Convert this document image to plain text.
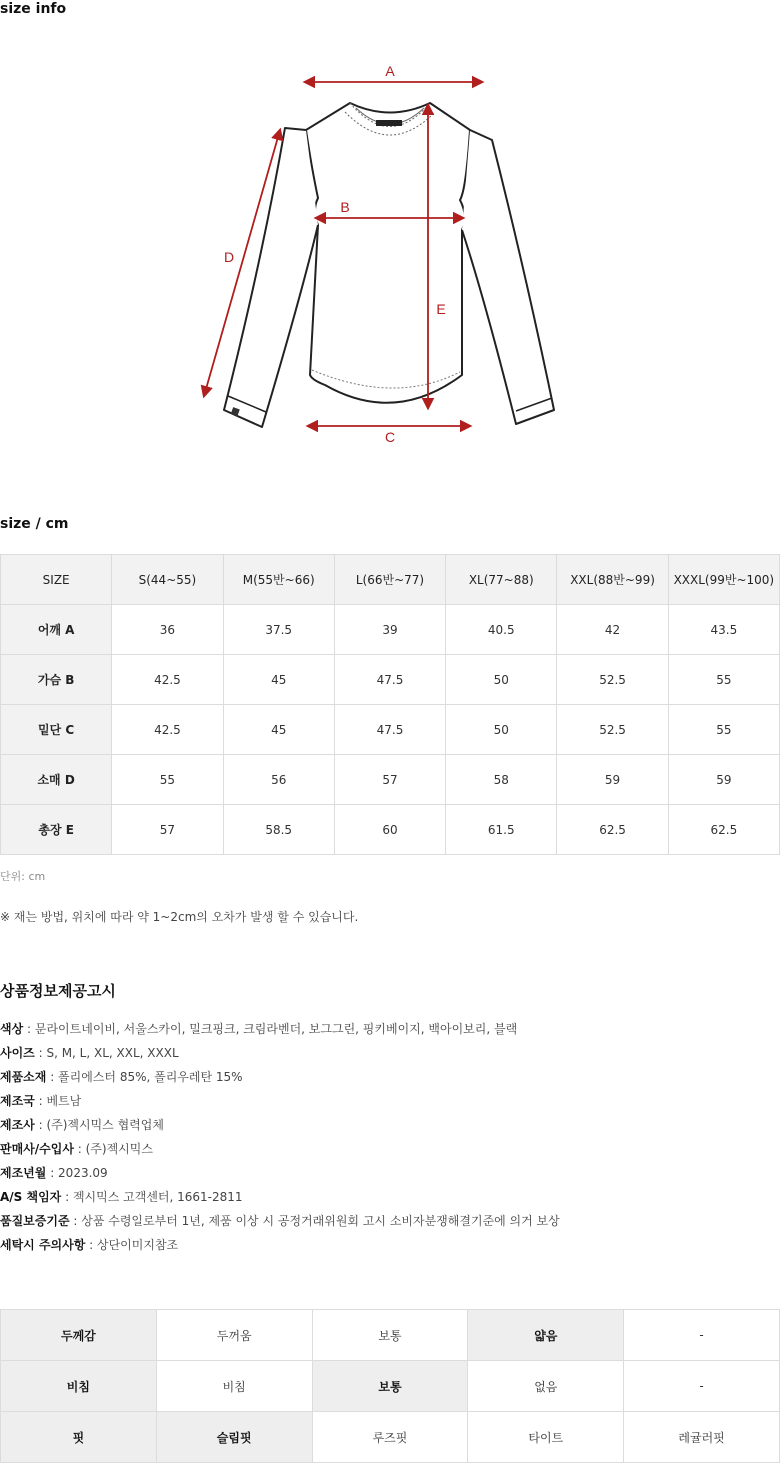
size info
A
B
C
D
E
size / cm
SIZE	S(44~55)	M(55반~66)	L(66반~77)	XL(77~88)	XXL(88반~99)	XXXL(99반~100)
어깨 A	36	37.5	39	40.5	42	43.5
가슴 B	42.5	45	47.5	50	52.5	55
밑단 C	42.5	45	47.5	50	52.5	55
소매 D	55	56	57	58	59	59
총장 E	57	58.5	60	61.5	62.5	62.5

단위: cm

※ 재는 방법, 위치에 따라 약 1~2cm의 오차가 발생 할 수 있습니다.

상품정보제공고시
색상 : 문라이트네이비, 서울스카이, 밀크핑크, 크림라벤더, 보그그린, 핑키베이지, 백아이보리, 블랙
사이즈 : S, M, L, XL, XXL, XXXL
제품소재 : 폴리에스터 85%, 폴리우레탄 15%
제조국 : 베트남
제조사 : (주)젝시믹스 협력업체
판매사/수입사 : (주)젝시믹스
제조년월 : 2023.09
A/S 책임자 : 젝시믹스 고객센터, 1661-2811
품질보증기준 : 상품 수령일로부터 1년, 제품 이상 시 공정거래위원회 고시 소비자분쟁해결기준에 의거 보상
세탁시 주의사항 : 상단이미지참조
두께감	두꺼움	보통	얇음	-
비침	비침	보통	없음	-
핏	슬림핏	루즈핏	타이트	레귤러핏
